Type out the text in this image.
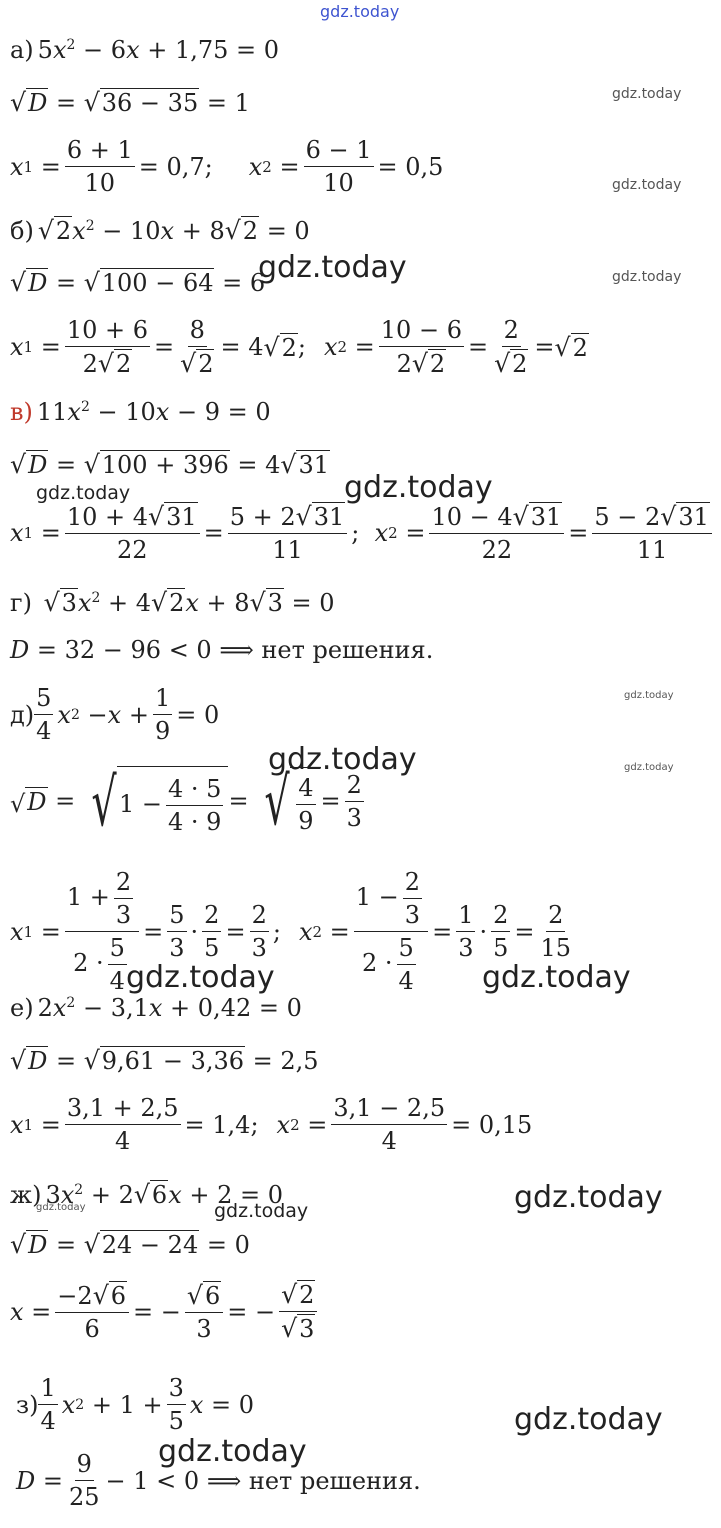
gdz.today
gdz.today
gdz.today
gdz.today
gdz.today
gdz.today	gdz.today
gdz.today
gdz.today
gdz.today
gdz.today	gdz.today
gdz.today
gdz.today
gdz.today
gdz.today
gdz.today
а) $5x^2 - 6x + 1,75 = 0$
√ D =
√ 36 − 35 = 1
x $1 = \frac{6 + 1}{10} = 0,7$; x $2 = \frac{6 - 1}{10} = 0,5$
б) √ 2 $x^2 - 10x + 8$ √ 2 = 0
√ D =
√ 100 − 64 = 6
x $1 = \frac{10 + 6}{2 √ 2} = \frac{8}{√ 2} = 4$ √ 2 ; x $2 = \frac{10 - 6}{2 √ 2} = \frac{2}{√ 2}$ = √ 2
в) $11x^2 - 10x - 9 = 0$
√ D =
√ 100 + 396 = 4 √ 31
x $1 = \frac{10 + 4 √ 31}{22} = \frac{5 + 2 √ 31}{11}$ ; x $2 = \frac{10 - 4 √ 31}{22} = \frac{5 - 2 √ 31}{11}$
г)
√ 3 $x^2 + 4$ √ 2 x + 8 √ 3 = 0
D = 32 − 96 < 0 ⟹ нет решения.
$д) \frac{5}{4}$ x $2 - x + \frac{1}{9} = 0$
√ D = √ $1 - \frac{4 \cdot 5}{4 \cdot 9}$ = √ $\frac{4}{9} = \frac{2}{3}$
x $1 = \frac{1 + \frac{2}{3}}{2 \cdot \frac{5}{4}} = \frac{5}{3} \cdot \frac{2}{5} = \frac{2}{3}$ ; x $2 = \frac{1 - \frac{2}{3}}{2 \cdot \frac{5}{4}} = \frac{1}{3} \cdot \frac{2}{5} = \frac{2}{15}$
е) $2x^2 - 3,1x + 0,42 = 0$
√ D =
√ 9,61 − 3,36 = 2,5
x $1 = \frac{3,1 + 2,5}{4} = 1,4$; x $2 = \frac{3,1 - 2,5}{4} = 0,15$
ж) $3x^2 + 2$ √ 6 x + 2 = 0
√ D =
√ 24 − 24 = 0
$x = \frac{-2 √ 6}{6}$ = − $\frac{√ 6}{3}$ = − $\frac{√ 2}{√ 3}$
$з) \frac{1}{4}$ x $2 + 1 + \frac{3}{5}$ x = 0
$D = \frac{9}{25} - 1 < 0$ ⟹ нет решения.
